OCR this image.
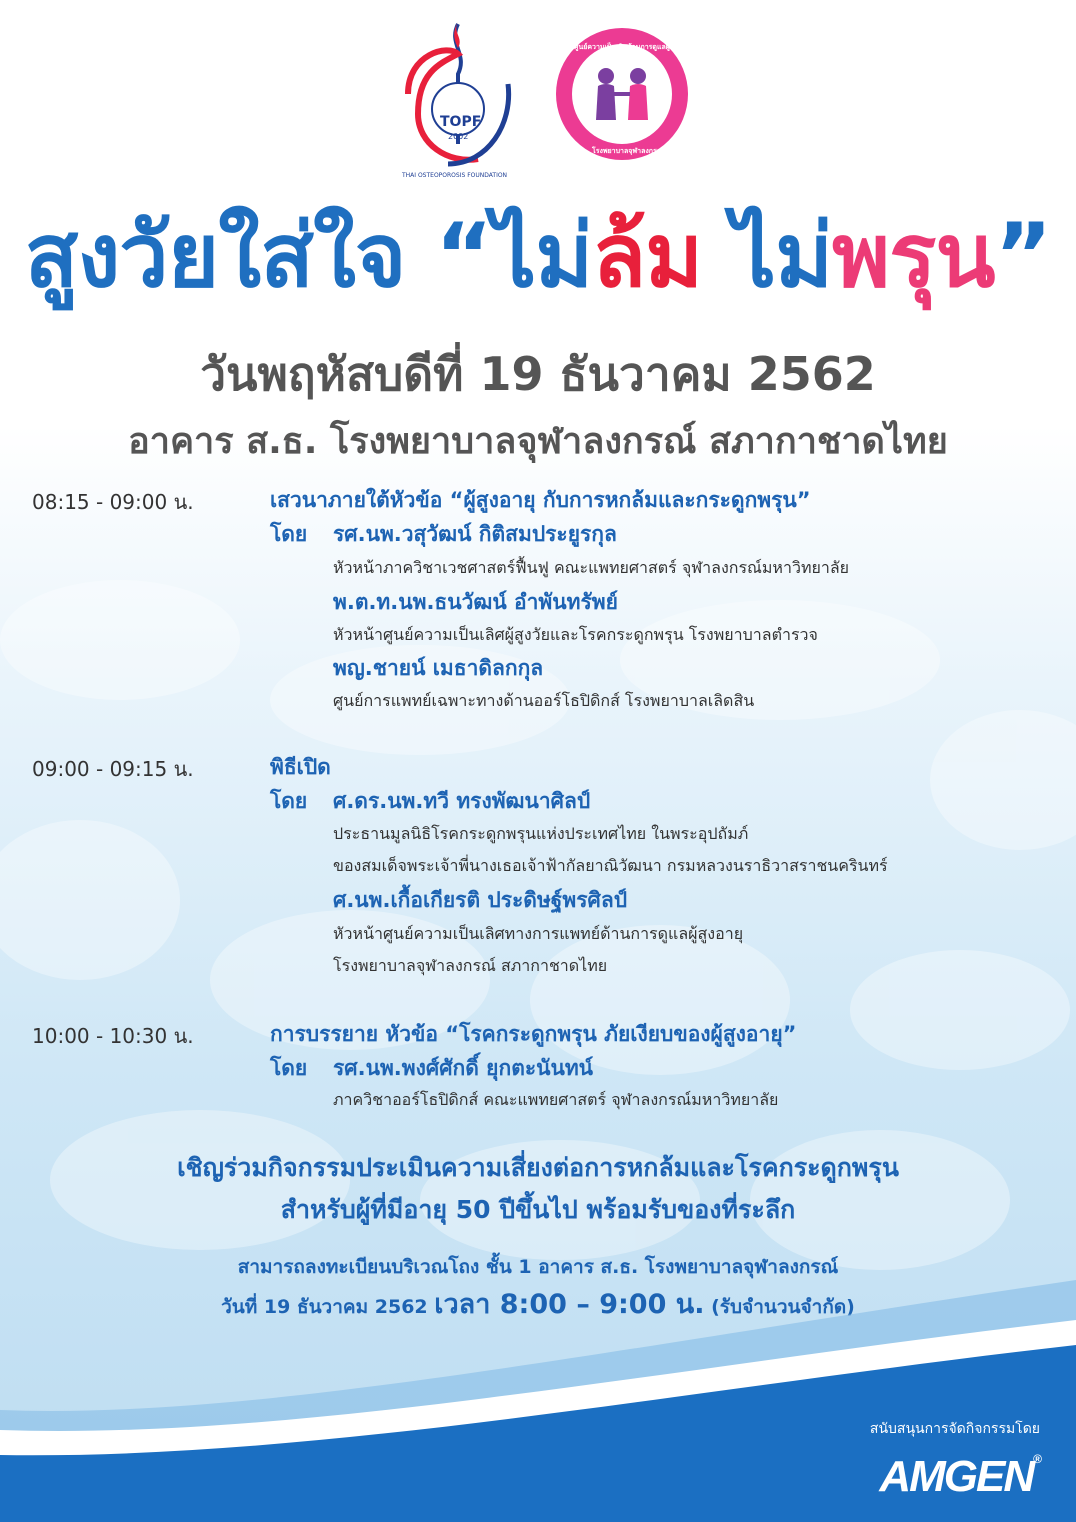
TOPF
2002
THAI OSTEOPOROSIS FOUNDATION
ศูนย์ความเป็นเลิศด้านการดูแลผู้สูงอายุ
โรงพยาบาลจุฬาลงกรณ์
สูงวัยใส่ใจ “ไม่ล้ม ไม่พรุน”
วันพฤหัสบดีที่ 19 ธันวาคม 2562
อาคาร ส.ธ. โรงพยาบาลจุฬาลงกรณ์ สภากาชาดไทย
08:15 - 09:00 น.	เสวนาภายใต้หัวข้อ “ผู้สูงอายุ กับการหกล้มและกระดูกพรุน”
โดย รศ.นพ.วสุวัฒน์ กิติสมประยูรกุล
หัวหน้าภาควิชาเวชศาสตร์ฟื้นฟู คณะแพทยศาสตร์ จุฬาลงกรณ์มหาวิทยาลัย
พ.ต.ท.นพ.ธนวัฒน์ อำพันทรัพย์
หัวหน้าศูนย์ความเป็นเลิศผู้สูงวัยและโรคกระดูกพรุน โรงพยาบาลตำรวจ
พญ.ชายน์ เมธาดิลกกุล
ศูนย์การแพทย์เฉพาะทางด้านออร์โธปิดิกส์ โรงพยาบาลเลิดสิน
09:00 - 09:15 น.	พิธีเปิด
โดย ศ.ดร.นพ.ทวี ทรงพัฒนาศิลป์
ประธานมูลนิธิโรคกระดูกพรุนแห่งประเทศไทย ในพระอุปถัมภ์
ของสมเด็จพระเจ้าพี่นางเธอเจ้าฟ้ากัลยาณิวัฒนา กรมหลวงนราธิวาสราชนครินทร์
ศ.นพ.เกื้อเกียรติ ประดิษฐ์พรศิลป์
หัวหน้าศูนย์ความเป็นเลิศทางการแพทย์ด้านการดูแลผู้สูงอายุ
โรงพยาบาลจุฬาลงกรณ์ สภากาชาดไทย
10:00 - 10:30 น.	การบรรยาย หัวข้อ “โรคกระดูกพรุน ภัยเงียบของผู้สูงอายุ”
โดย รศ.นพ.พงศ์ศักดิ์ ยุกตะนันทน์
ภาควิชาออร์โธปิดิกส์ คณะแพทยศาสตร์ จุฬาลงกรณ์มหาวิทยาลัย
เชิญร่วมกิจกรรมประเมินความเสี่ยงต่อการหกล้มและโรคกระดูกพรุน
สำหรับผู้ที่มีอายุ 50 ปีขึ้นไป พร้อมรับของที่ระลึก
สามารถลงทะเบียนบริเวณโถง ชั้น 1 อาคาร ส.ธ. โรงพยาบาลจุฬาลงกรณ์
วันที่ 19 ธันวาคม 2562 เวลา 8:00 – 9:00 น. (รับจำนวนจำกัด)
สนับสนุนการจัดกิจกรรมโดย
AMGEN®
